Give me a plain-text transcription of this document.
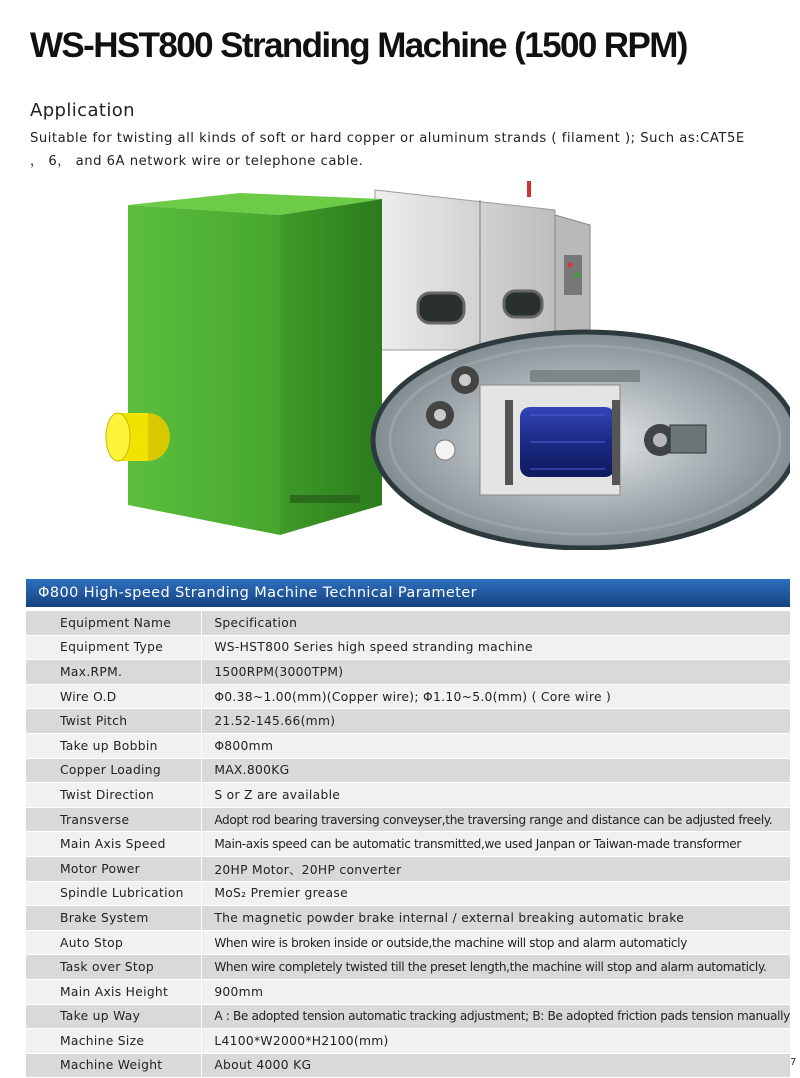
WS-HST800 Stranding Machine (1500 RPM)
Application

Suitable for twisting all kinds of soft or hard copper or aluminum strands ( filament ); Such as:CAT5E ， 6， and 6A network wire or telephone cable.

Φ800 High-speed Stranding Machine Technical Parameter
Equipment Name	Specification
Equipment Type	WS-HST800 Series high speed stranding machine
Max.RPM.	1500RPM(3000TPM)
Wire O.D	Φ0.38~1.00(mm)(Copper wire); Φ1.10~5.0(mm) ( Core wire )
Twist Pitch	21.52-145.66(mm)
Take up Bobbin	Φ800mm
Copper Loading	MAX.800KG
Twist Direction	S or Z are available
Transverse	Adopt rod bearing traversing conveyser,the traversing range and distance can be adjusted freely.
Main Axis Speed	Main-axis speed can be automatic transmitted,we used Janpan or Taiwan-made transformer
Motor Power	20HP Motor、20HP converter
Spindle Lubrication	MoS₂ Premier grease
Brake System	The magnetic powder brake internal / external breaking automatic brake
Auto Stop	When wire is broken inside or outside,the machine will stop and alarm automaticly
Task over Stop	When wire completely twisted till the preset length,the machine will stop and alarm automaticly.
Main Axis Height	900mm
Take up Way	A : Be adopted tension automatic tracking adjustment; B: Be adopted friction pads tension manually
Machine Size	L4100*W2000*H2100(mm)
Machine Weight	About 4000 KG	7
